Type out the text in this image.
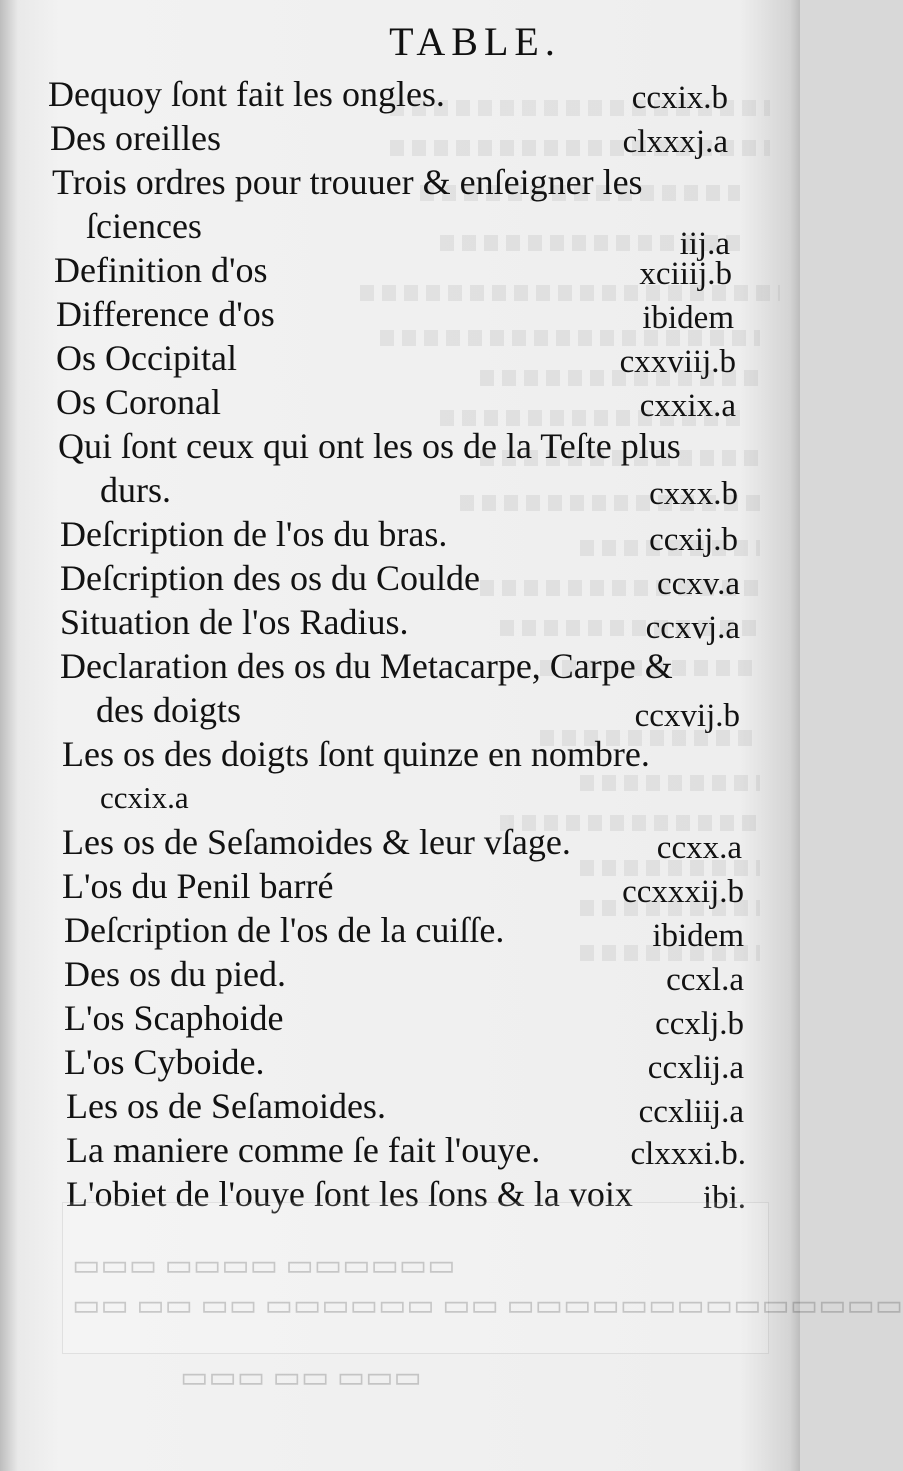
TABLE.
Dequoy ſont fait les ongles.	ccxix.b
Des oreilles	clxxxj.a
Trois ordres pour trouuer & enſeigner les
ſciences	iij.a
Definition d'os	xciiij.b
Difference d'os	ibidem
Os Occipital	cxxviij.b
Os Coronal	cxxix.a
Qui ſont ceux qui ont les os de la Teſte plus
durs.	cxxx.b
Deſcription de l'os du bras.	ccxij.b
Deſcription des os du Coulde	ccxv.a
Situation de l'os Radius.	ccxvj.a
Declaration des os du Metacarpe, Carpe &
des doigts	ccxvij.b
Les os des doigts ſont quinze en nombre.
ccxix.a
Les os de Seſamoides & leur vſage.	ccxx.a
L'os du Penil barré	ccxxxij.b
Deſcription de l'os de la cuiſſe.	ibidem
Des os du pied.	ccxl.a
L'os Scaphoide	ccxlj.b
L'os Cyboide.	ccxlij.a
Les os de Seſamoides.	ccxliij.a
La maniere comme ſe fait l'ouye.	clxxxi.b.
L'obiet de l'ouye ſont les ſons & la voix	ibi.
▭▭▭ ▭▭▭▭ ▭▭▭▭▭▭
▭▭ ▭▭ ▭▭ ▭▭▭▭▭▭ ▭▭ ▭▭▭▭▭▭▭▭▭▭▭▭▭▭
▭▭▭ ▭▭ ▭▭▭
